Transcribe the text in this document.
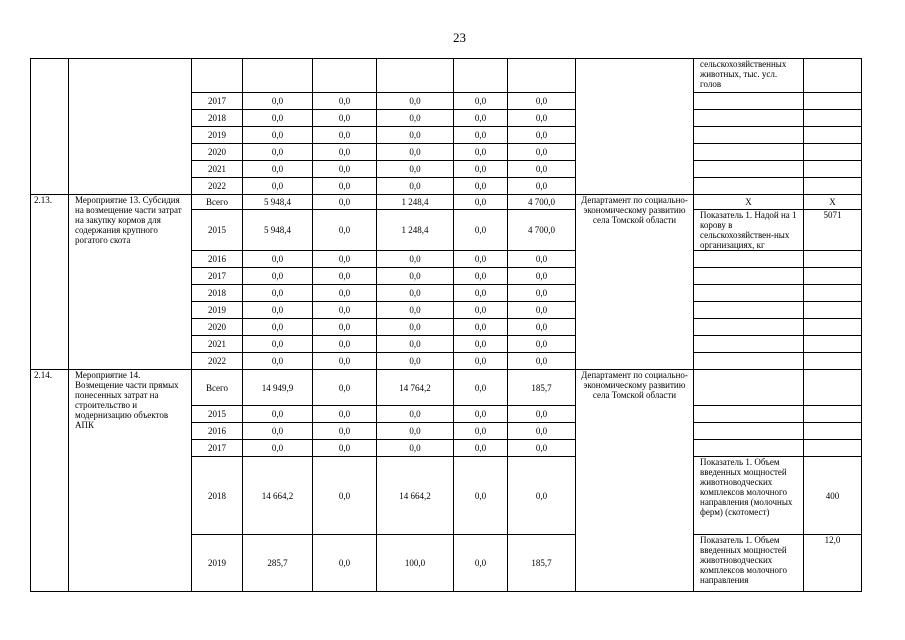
23
									сельскохозяйственных животных, тыс. усл. голов	
		2017	0,0	0,0	0,0	0,0	0,0			
		2018	0,0	0,0	0,0	0,0	0,0			
		2019	0,0	0,0	0,0	0,0	0,0			
		2020	0,0	0,0	0,0	0,0	0,0			
		2021	0,0	0,0	0,0	0,0	0,0			
		2022	0,0	0,0	0,0	0,0	0,0			
2.13.	Мероприятие 13. Субсидия на возмещение части затрат на закупку кормов для содержания крупного рогатого скота	Всего	5 948,4	0,0	1 248,4	0,0	4 700,0	Департамент по социально-экономическому развитию села Томской области	Х	Х
		2015	5 948,4	0,0	1 248,4	0,0	4 700,0		Показатель 1. Надой на 1 корову в сельскохозяйствен-ных организациях, кг	5071
		2016	0,0	0,0	0,0	0,0	0,0			
		2017	0,0	0,0	0,0	0,0	0,0			
		2018	0,0	0,0	0,0	0,0	0,0			
		2019	0,0	0,0	0,0	0,0	0,0			
		2020	0,0	0,0	0,0	0,0	0,0			
		2021	0,0	0,0	0,0	0,0	0,0			
		2022	0,0	0,0	0,0	0,0	0,0			
2.14.	Мероприятие 14. Возмещение части прямых понесенных затрат на строительство и модернизацию объектов АПК	Всего	14 949,9	0,0	14 764,2	0,0	185,7	Департамент по социально-экономическому развитию села Томской области		
		2015	0,0	0,0	0,0	0,0	0,0			
		2016	0,0	0,0	0,0	0,0	0,0			
		2017	0,0	0,0	0,0	0,0	0,0			
		2018	14 664,2	0,0	14 664,2	0,0	0,0		Показатель 1. Объем введенных мощностей животноводческих комплексов молочного направления (молочных ферм) (скотомест)	400
		2019	285,7	0,0	100,0	0,0	185,7		Показатель 1. Объем введенных мощностей животноводческих комплексов молочного направления	12,0
